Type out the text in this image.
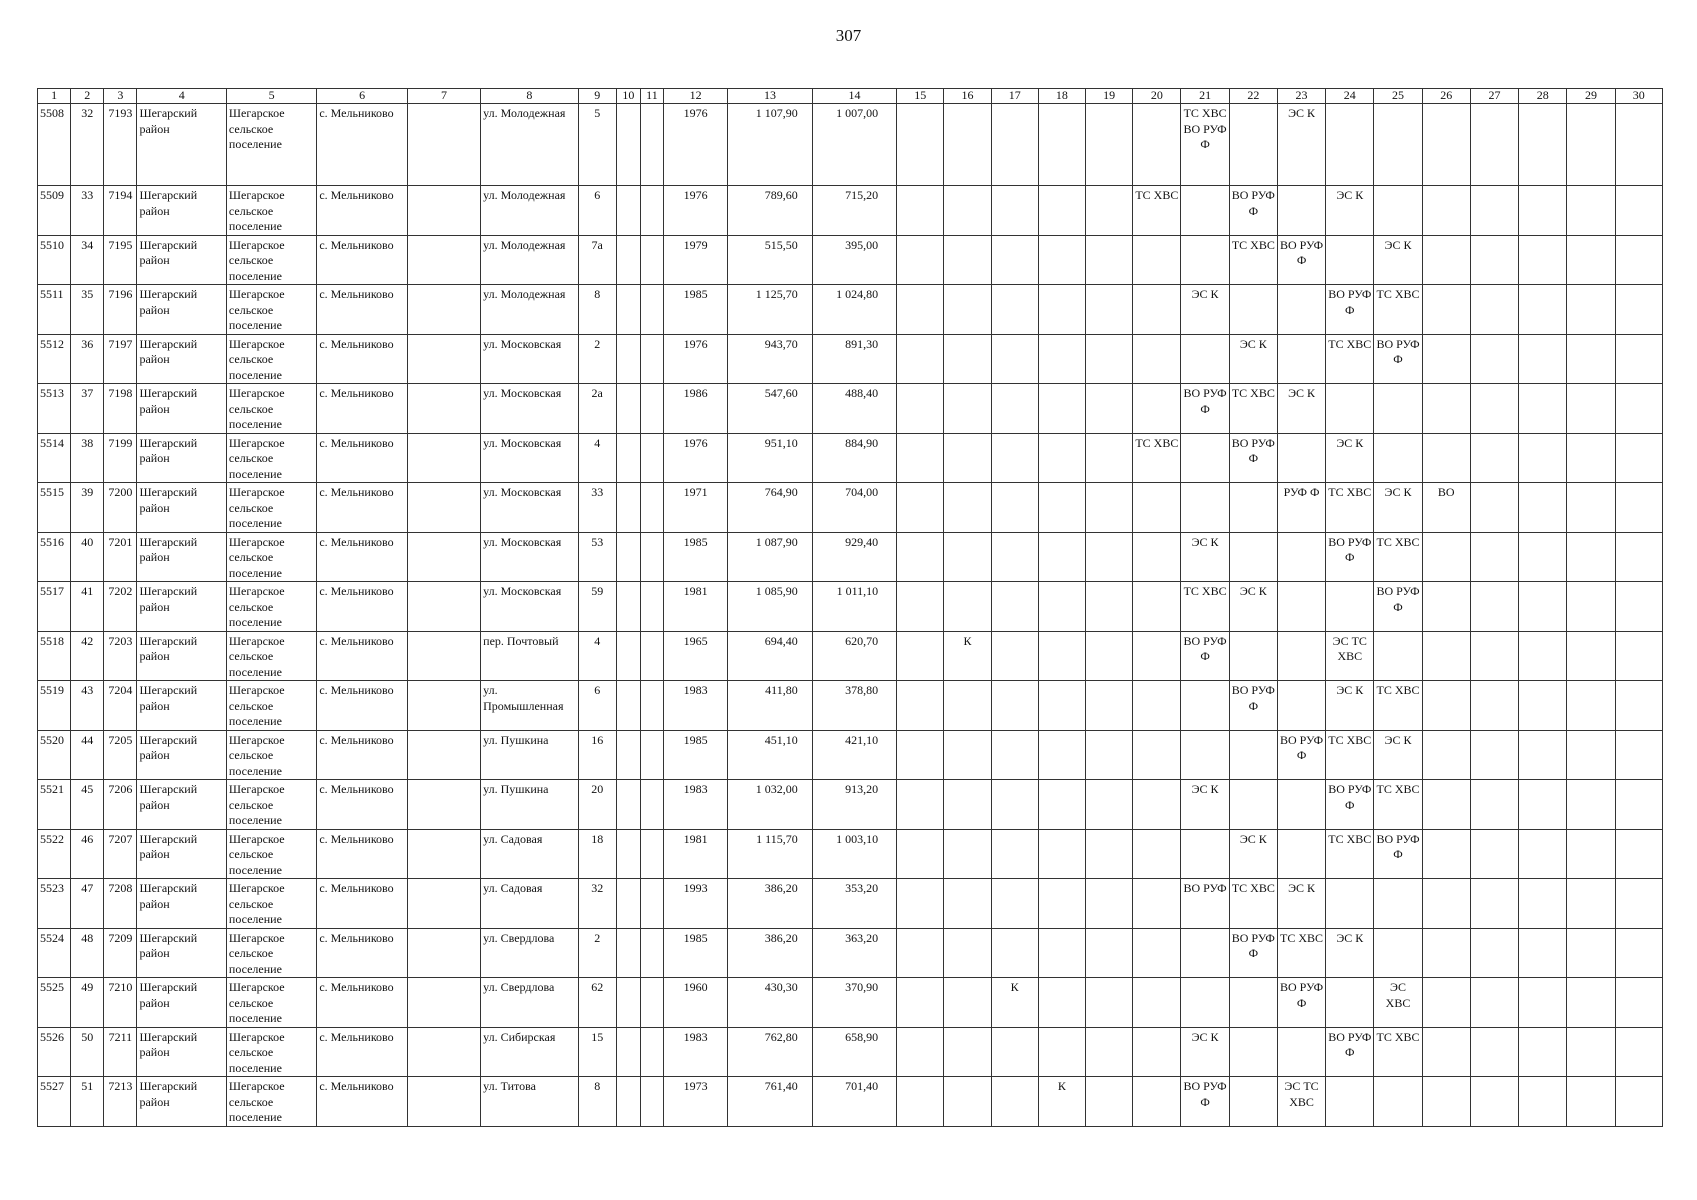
307
1	2	3	4	5	6	7	8	9	10	11	12	13	14	15	16	17	18	19	20	21	22	23	24	25	26	27	28	29	30
5508	32	7193	Шегарский район	Шегарское сельское поселение	с. Мельниково		ул. Молодежная	5			1976	1 107,90	1 007,00							ТС ХВС ВО РУФ Ф		ЭС К							
5509	33	7194	Шегарский район	Шегарское сельское поселение	с. Мельниково		ул. Молодежная	6			1976	789,60	715,20						ТС ХВС		ВО РУФ Ф		ЭС К						
5510	34	7195	Шегарский район	Шегарское сельское поселение	с. Мельниково		ул. Молодежная	7а			1979	515,50	395,00								ТС ХВС	ВО РУФ Ф		ЭС К					
5511	35	7196	Шегарский район	Шегарское сельское поселение	с. Мельниково		ул. Молодежная	8			1985	1 125,70	1 024,80							ЭС К			ВО РУФ Ф	ТС ХВС					
5512	36	7197	Шегарский район	Шегарское сельское поселение	с. Мельниково		ул. Московская	2			1976	943,70	891,30								ЭС К		ТС ХВС	ВО РУФ Ф					
5513	37	7198	Шегарский район	Шегарское сельское поселение	с. Мельниково		ул. Московская	2а			1986	547,60	488,40							ВО РУФ Ф	ТС ХВС	ЭС К							
5514	38	7199	Шегарский район	Шегарское сельское поселение	с. Мельниково		ул. Московская	4			1976	951,10	884,90						ТС ХВС		ВО РУФ Ф		ЭС К						
5515	39	7200	Шегарский район	Шегарское сельское поселение	с. Мельниково		ул. Московская	33			1971	764,90	704,00									РУФ Ф	ТС ХВС	ЭС К	ВО				
5516	40	7201	Шегарский район	Шегарское сельское поселение	с. Мельниково		ул. Московская	53			1985	1 087,90	929,40							ЭС К			ВО РУФ Ф	ТС ХВС					
5517	41	7202	Шегарский район	Шегарское сельское поселение	с. Мельниково		ул. Московская	59			1981	1 085,90	1 011,10							ТС ХВС	ЭС К			ВО РУФ Ф					
5518	42	7203	Шегарский район	Шегарское сельское поселение	с. Мельниково		пер. Почтовый	4			1965	694,40	620,70		К					ВО РУФ Ф			ЭС ТС ХВС						
5519	43	7204	Шегарский район	Шегарское сельское поселение	с. Мельниково		ул. Промышленная	6			1983	411,80	378,80								ВО РУФ Ф		ЭС К	ТС ХВС					
5520	44	7205	Шегарский район	Шегарское сельское поселение	с. Мельниково		ул. Пушкина	16			1985	451,10	421,10									ВО РУФ Ф	ТС ХВС	ЭС К					
5521	45	7206	Шегарский район	Шегарское сельское поселение	с. Мельниково		ул. Пушкина	20			1983	1 032,00	913,20							ЭС К			ВО РУФ Ф	ТС ХВС					
5522	46	7207	Шегарский район	Шегарское сельское поселение	с. Мельниково		ул. Садовая	18			1981	1 115,70	1 003,10								ЭС К		ТС ХВС	ВО РУФ Ф					
5523	47	7208	Шегарский район	Шегарское сельское поселение	с. Мельниково		ул. Садовая	32			1993	386,20	353,20							ВО РУФ	ТС ХВС	ЭС К							
5524	48	7209	Шегарский район	Шегарское сельское поселение	с. Мельниково		ул. Свердлова	2			1985	386,20	363,20								ВО РУФ Ф	ТС ХВС	ЭС К						
5525	49	7210	Шегарский район	Шегарское сельское поселение	с. Мельниково		ул. Свердлова	62			1960	430,30	370,90			К						ВО РУФ Ф		ЭС ХВС					
5526	50	7211	Шегарский район	Шегарское сельское поселение	с. Мельниково		ул. Сибирская	15			1983	762,80	658,90							ЭС К			ВО РУФ Ф	ТС ХВС					
5527	51	7213	Шегарский район	Шегарское сельское поселение	с. Мельниково		ул. Титова	8			1973	761,40	701,40				К			ВО РУФ Ф		ЭС ТС ХВС							
